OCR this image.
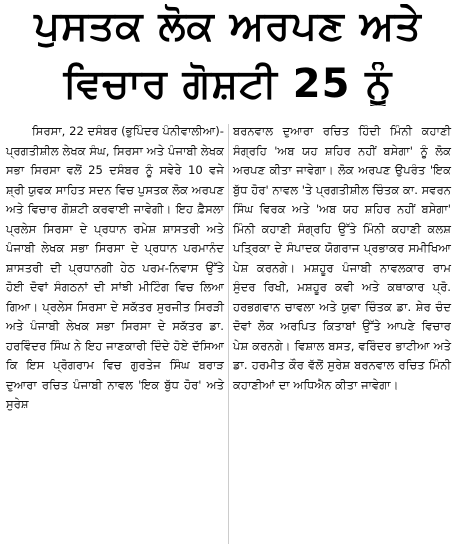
ਪੁਸਤਕ ਲੋਕ ਅਰਪਣ ਅਤੇ
ਵਿਚਾਰ ਗੋਸ਼ਟੀ 25 ਨੂੰ

ਸਿਰਸਾ, 22 ਦਸੰਬਰ (ਭੁਪਿੰਦਰ ਪੰਨੀਵਾਲੀਆ)-ਪ੍ਰਗਤੀਸ਼ੀਲ ਲੇਖਕ ਸੰਘ, ਸਿਰਸਾ ਅਤੇ ਪੰਜਾਬੀ ਲੇਖਕ ਸਭਾ ਸਿਰਸਾ ਵਲੋਂ 25 ਦਸੰਬਰ ਨੂੰ ਸਵੇਰੇ 10 ਵਜੇ ਸ਼੍ਰੀ ਯੁਵਕ ਸਾਹਿਤ ਸਦਨ ਵਿਚ ਪੁਸਤਕ ਲੋਕ ਅਰਪਣ ਅਤੇ ਵਿਚਾਰ ਗੋਸ਼ਟੀ ਕਰਵਾਈ ਜਾਵੇਗੀ। ਇਹ ਫ਼ੈਸਲਾ ਪ੍ਰਲੇਸ ਸਿਰਸਾ ਦੇ ਪ੍ਰਧਾਨ ਰਮੇਸ਼ ਸ਼ਾਸਤਰੀ ਅਤੇ ਪੰਜਾਬੀ ਲੇਖਕ ਸਭਾ ਸਿਰਸਾ ਦੇ ਪ੍ਰਧਾਨ ਪਰਮਾਨੰਦ ਸ਼ਾਸਤਰੀ ਦੀ ਪ੍ਰਧਾਨਗੀ ਹੇਠ ਪਰਮ-ਨਿਵਾਸ ਉੱਤੇ ਹੋਈ ਦੋਵਾਂ ਸੰਗਠਨਾਂ ਦੀ ਸਾਂਝੀ ਮੀਟਿੰਗ ਵਿਚ ਲਿਆ ਗਿਆ। ਪ੍ਰਲੇਸ ਸਿਰਸਾ ਦੇ ਸਕੱਤਰ ਸੁਰਜੀਤ ਸਿਰੜੀ ਅਤੇ ਪੰਜਾਬੀ ਲੇਖਕ ਸਭਾ ਸਿਰਸਾ ਦੇ ਸਕੱਤਰ ਡਾ. ਹਰਵਿੰਦਰ ਸਿੰਘ ਨੇ ਇਹ ਜਾਣਕਾਰੀ ਦਿੰਦੇ ਹੋਏ ਦੱਸਿਆ ਕਿ ਇਸ ਪ੍ਰੋਗਰਾਮ ਵਿਚ ਗੁਰਤੇਜ ਸਿੰਘ ਬਰਾੜ ਦੁਆਰਾ ਰਚਿਤ ਪੰਜਾਬੀ ਨਾਵਲ 'ਇਕ ਬੁੱਧ ਹੋਰ' ਅਤੇ ਸੁਰੇਸ਼

ਬਰਨਵਾਲ ਦੁਆਰਾ ਰਚਿਤ ਹਿੰਦੀ ਮਿੰਨੀ ਕਹਾਣੀ ਸੰਗ੍ਰਹਿ 'ਅਬ ਯਹ ਸ਼ਹਿਰ ਨਹੀਂ ਬਸੇਗਾ' ਨੂੰ ਲੋਕ ਅਰਪਣ ਕੀਤਾ ਜਾਵੇਗਾ। ਲੋਕ ਅਰਪਣ ਉਪਰੰਤ 'ਇਕ ਬੁੱਧ ਹੋਰ' ਨਾਵਲ 'ਤੇ ਪ੍ਰਗਤੀਸ਼ੀਲ ਚਿੰਤਕ ਕਾ. ਸਵਰਨ ਸਿੰਘ ਵਿਰਕ ਅਤੇ 'ਅਬ ਯਹ ਸ਼ਹਿਰ ਨਹੀਂ ਬਸੇਗਾ' ਮਿੰਨੀ ਕਹਾਣੀ ਸੰਗ੍ਰਹਿ ਉੱਤੇ ਮਿੰਨੀ ਕਹਾਣੀ ਕਲਸ਼ ਪਤ੍ਰਿਕਾ ਦੇ ਸੰਪਾਦਕ ਯੋਗਰਾਜ ਪ੍ਰਭਾਕਰ ਸਮੀਖਿਆ ਪੇਸ਼ ਕਰਨਗੇ। ਮਸ਼ਹੂਰ ਪੰਜਾਬੀ ਨਾਵਲਕਾਰ ਰਾਮ ਸੁੰਦਰ ਰਿਖੀ, ਮਸ਼ਹੂਰ ਕਵੀ ਅਤੇ ਕਥਾਕਾਰ ਪ੍ਰੋ. ਹਰਭਗਵਾਨ ਚਾਵਲਾ ਅਤੇ ਯੁਵਾ ਚਿੰਤਕ ਡਾ. ਸ਼ੇਰ ਚੰਦ ਦੋਵਾਂ ਲੋਕ ਅਰਪਿਤ ਕਿਤਾਬਾਂ ਉੱਤੇ ਆਪਣੇ ਵਿਚਾਰ ਪੇਸ਼ ਕਰਨਗੇ। ਵਿਸ਼ਾਲ ਬਸਤ, ਵਰਿੰਦਰ ਭਾਟੀਆ ਅਤੇ ਡਾ. ਹਰਮੀਤ ਕੌਰ ਵੱਲੋਂ ਸੁਰੇਸ਼ ਬਰਨਵਾਲ ਰਚਿਤ ਮਿੰਨੀ ਕਹਾਣੀਆਂ ਦਾ ਅਧਿਐਨ ਕੀਤਾ ਜਾਵੇਗਾ।
